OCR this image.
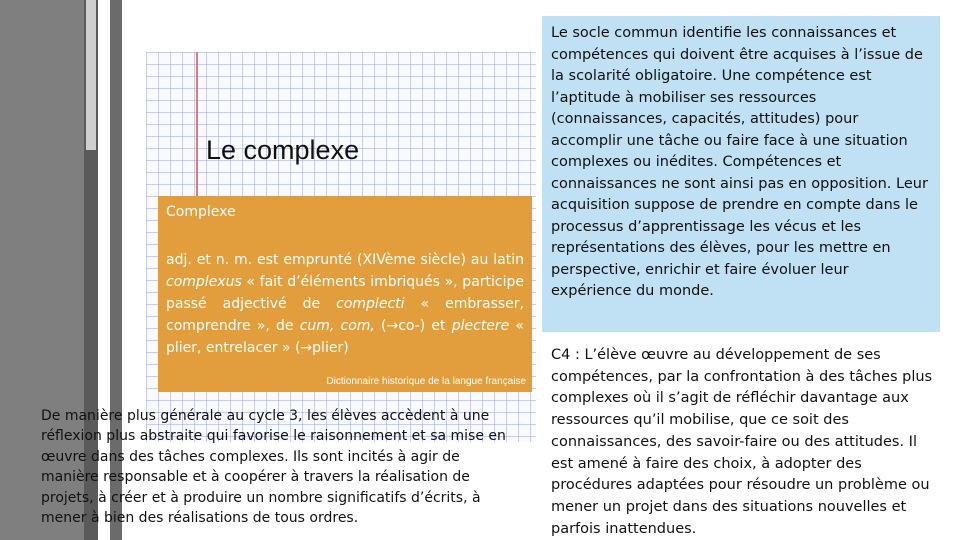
Le complexe
Complexe
adj. et n. m. est emprunté (XIVème siècle) au latin complexus « fait d’éléments imbriqués », participe passé adjectivé de complecti « embrasser, comprendre », de cum, com, (→co-) et plectere « plier, entrelacer » (→plier)
Dictionnaire historique de la langue française
De manière plus générale au cycle 3, les élèves accèdent à une réflexion plus abstraite qui favorise le raisonnement et sa mise en œuvre dans des tâches complexes. Ils sont incités à agir de manière responsable et à coopérer à travers la réalisation de projets, à créer et à produire un nombre significatifs d’écrits, à mener à bien des réalisations de tous ordres.
Le socle commun identifie les connaissances et compétences qui doivent être acquises à l’issue de la scolarité obligatoire. Une compétence est l’aptitude à mobiliser ses ressources (connaissances, capacités, attitudes) pour accomplir une tâche ou faire face à une situation complexes ou inédites. Compétences et connaissances ne sont ainsi pas en opposition. Leur acquisition suppose de prendre en compte dans le processus d’apprentissage les vécus et les représentations des élèves, pour les mettre en perspective, enrichir et faire évoluer leur expérience du monde.
C4 : L’élève œuvre au développement de ses compétences, par la confrontation à des tâches plus complexes où il s’agit de réfléchir davantage aux ressources qu’il mobilise, que ce soit des connaissances, des savoir-faire ou des attitudes. Il est amené à faire des choix, à adopter des procédures adaptées pour résoudre un problème ou mener un projet dans des situations nouvelles et parfois inattendues.
